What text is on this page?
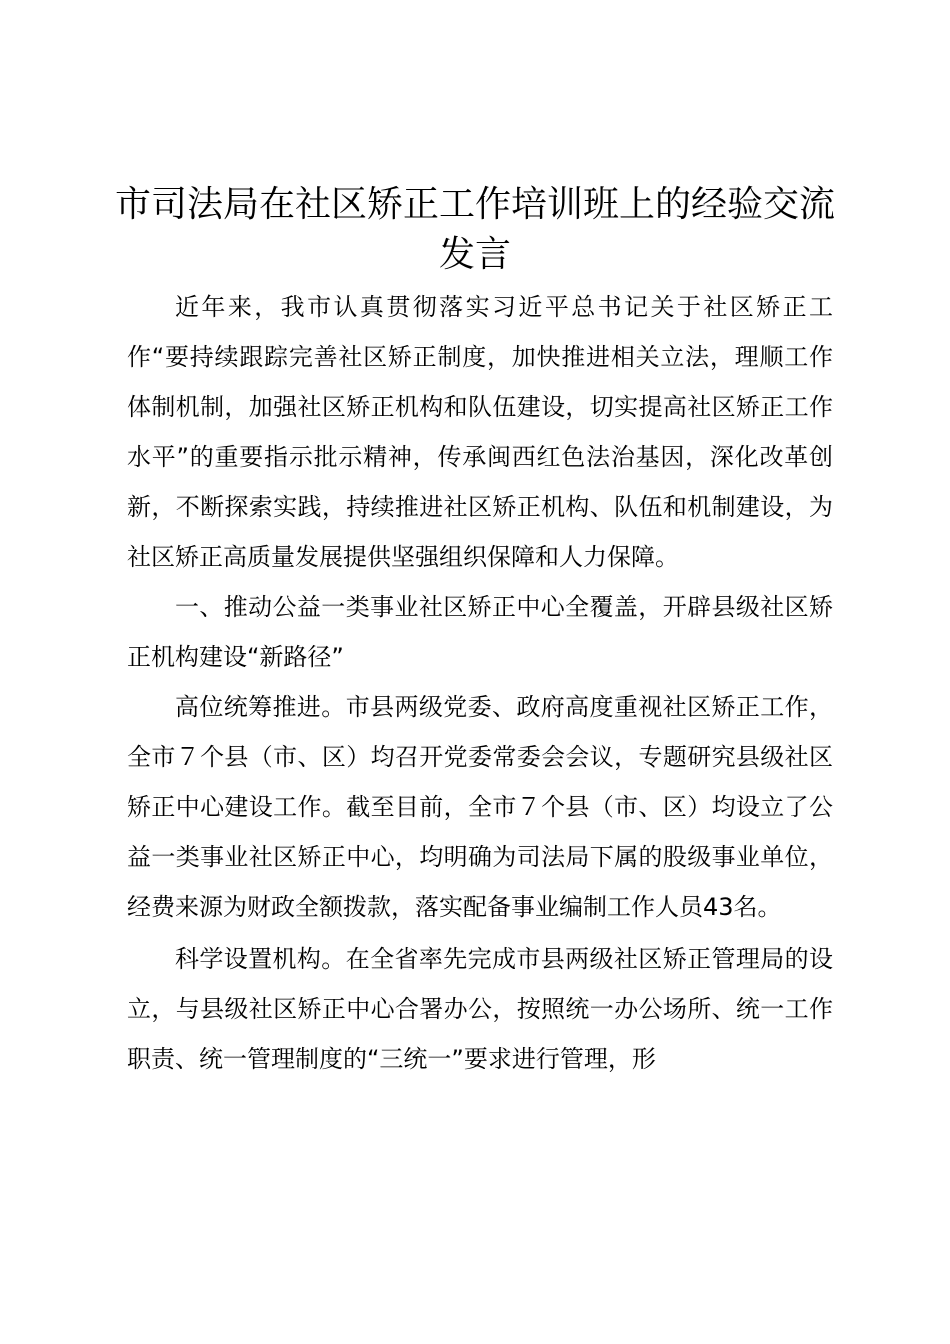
市司法局在社区矫正工作培训班上的经验交流发言

近年来，我市认真贯彻落实习近平总书记关于社区矫正工作“要持续跟踪完善社区矫正制度，加快推进相关立法，理顺工作体制机制，加强社区矫正机构和队伍建设，切实提高社区矫正工作水平”的重要指示批示精神，传承闽西红色法治基因，深化改革创新，不断探索实践，持续推进社区矫正机构、队伍和机制建设，为社区矫正高质量发展提供坚强组织保障和人力保障。

一、推动公益一类事业社区矫正中心全覆盖，开辟县级社区矫正机构建设“新路径”

高位统筹推进。市县两级党委、政府高度重视社区矫正工作，全市７个县（市、区）均召开党委常委会会议，专题研究县级社区矫正中心建设工作。截至目前，全市７个县（市、区）均设立了公益一类事业社区矫正中心，均明确为司法局下属的股级事业单位，经费来源为财政全额拨款，落实配备事业编制工作人员43名。

科学设置机构。在全省率先完成市县两级社区矫正管理局的设立，与县级社区矫正中心合署办公，按照统一办公场所、统一工作职责、统一管理制度的“三统一”要求进行管理，形
